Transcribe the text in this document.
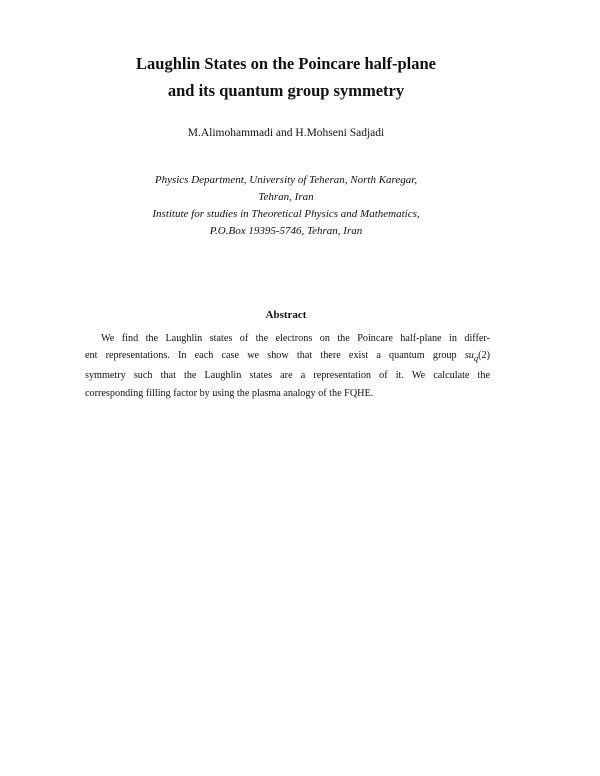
Laughlin States on the Poincare half-plane
and its quantum group symmetry
M.Alimohammadi and H.Mohseni Sadjadi
Physics Department, University of Teheran, North Karegar,
Tehran, Iran
Institute for studies in Theoretical Physics and Mathematics,
P.O.Box 19395-5746, Tehran, Iran
Abstract
We find the Laughlin states of the electrons on the Poincare half-plane in differ-
ent representations. In each case we show that there exist a quantum group $su_q(2)$
symmetry such that the Laughlin states are a representation of it. We calculate the
corresponding filling factor by using the plasma analogy of the FQHE.
